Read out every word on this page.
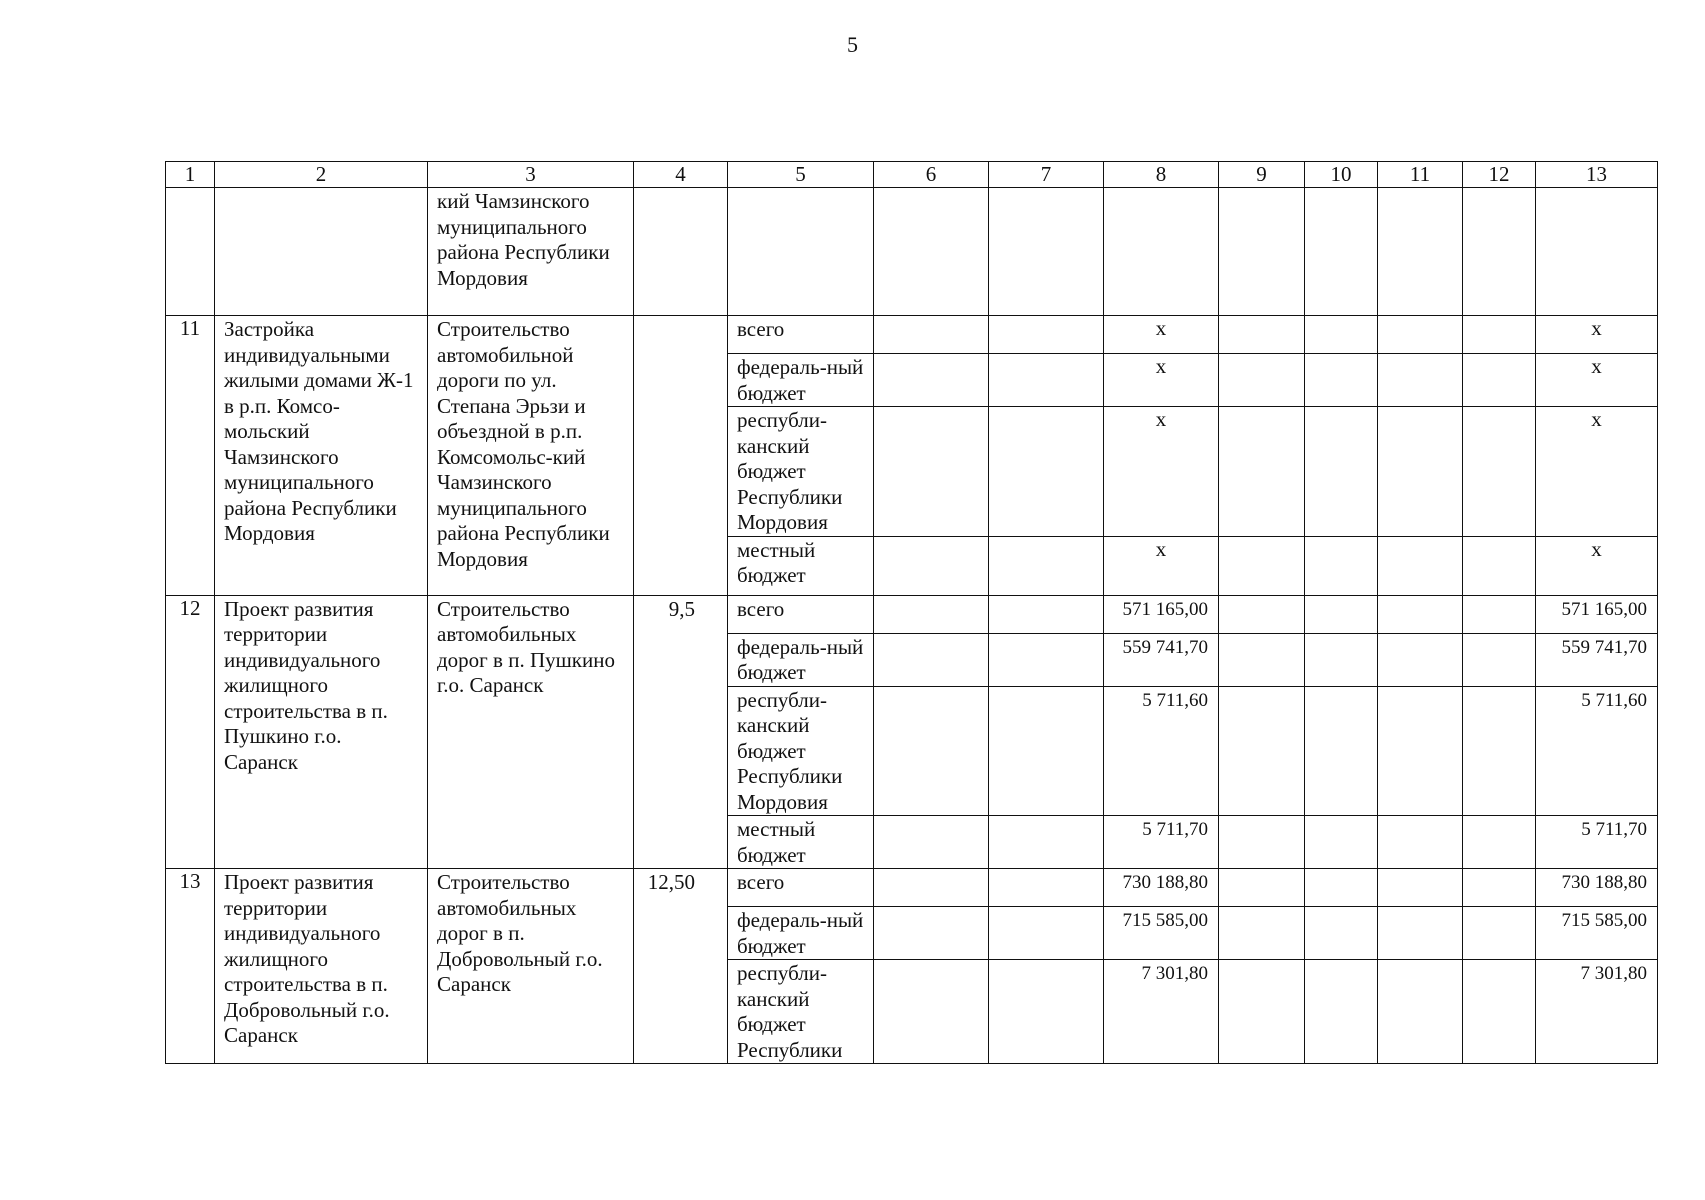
5
1	2	3	4	5	6	7	8	9	10	11	12	13
		кий Чамзинского муниципального района Республики Мордовия										
11	Застройка индивидуальными жилыми домами Ж-1 в р.п. Комсо-мольский Чамзинского муниципального района Республики Мордовия	Строительство автомобильной дороги по ул. Степана Эрьзи и объездной в р.п. Комсомольс-кий Чамзинского муниципального района Республики Мордовия		всего			x					x
				федераль-ный бюджет			x					x
				республи-канский бюджет Республики Мордовия			x					x
				местный бюджет			x					x
12	Проект развития территории индивидуального жилищного строительства в п. Пушкино г.о. Саранск	Строительство автомобильных дорог в п. Пушкино г.о. Саранск	9,5	всего			571 165,00					571 165,00
				федераль-ный бюджет			559 741,70					559 741,70
				республи-канский бюджет Республики Мордовия			5 711,60					5 711,60
				местный бюджет			5 711,70					5 711,70
13	Проект развития территории индивидуального жилищного строительства в п. Добровольный г.о. Саранск	Строительство автомобильных дорог в п. Добровольный г.о. Саранск	12,50	всего			730 188,80					730 188,80
				федераль-ный бюджет			715 585,00					715 585,00
				республи-канский бюджет Республики			7 301,80					7 301,80
